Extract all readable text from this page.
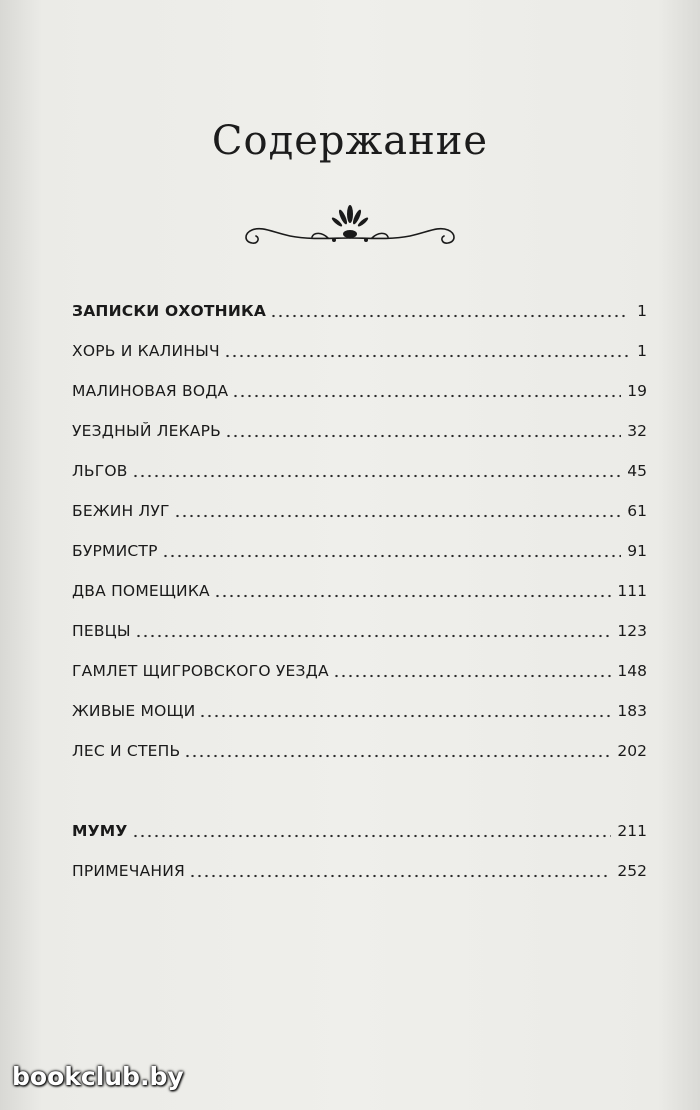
Содержание
ЗАПИСКИ ОХОТНИКА	1
ХОРЬ И КАЛИНЫЧ	1
МАЛИНОВАЯ ВОДА	19
УЕЗДНЫЙ ЛЕКАРЬ	32
ЛЬГОВ	45
БЕЖИН ЛУГ	61
БУРМИСТР	91
ДВА ПОМЕЩИКА	111
ПЕВЦЫ	123
ГАМЛЕТ ЩИГРОВСКОГО УЕЗДА	148
ЖИВЫЕ МОЩИ	183
ЛЕС И СТЕПЬ	202
МУМУ	211
ПРИМЕЧАНИЯ	252
bookclub.by
